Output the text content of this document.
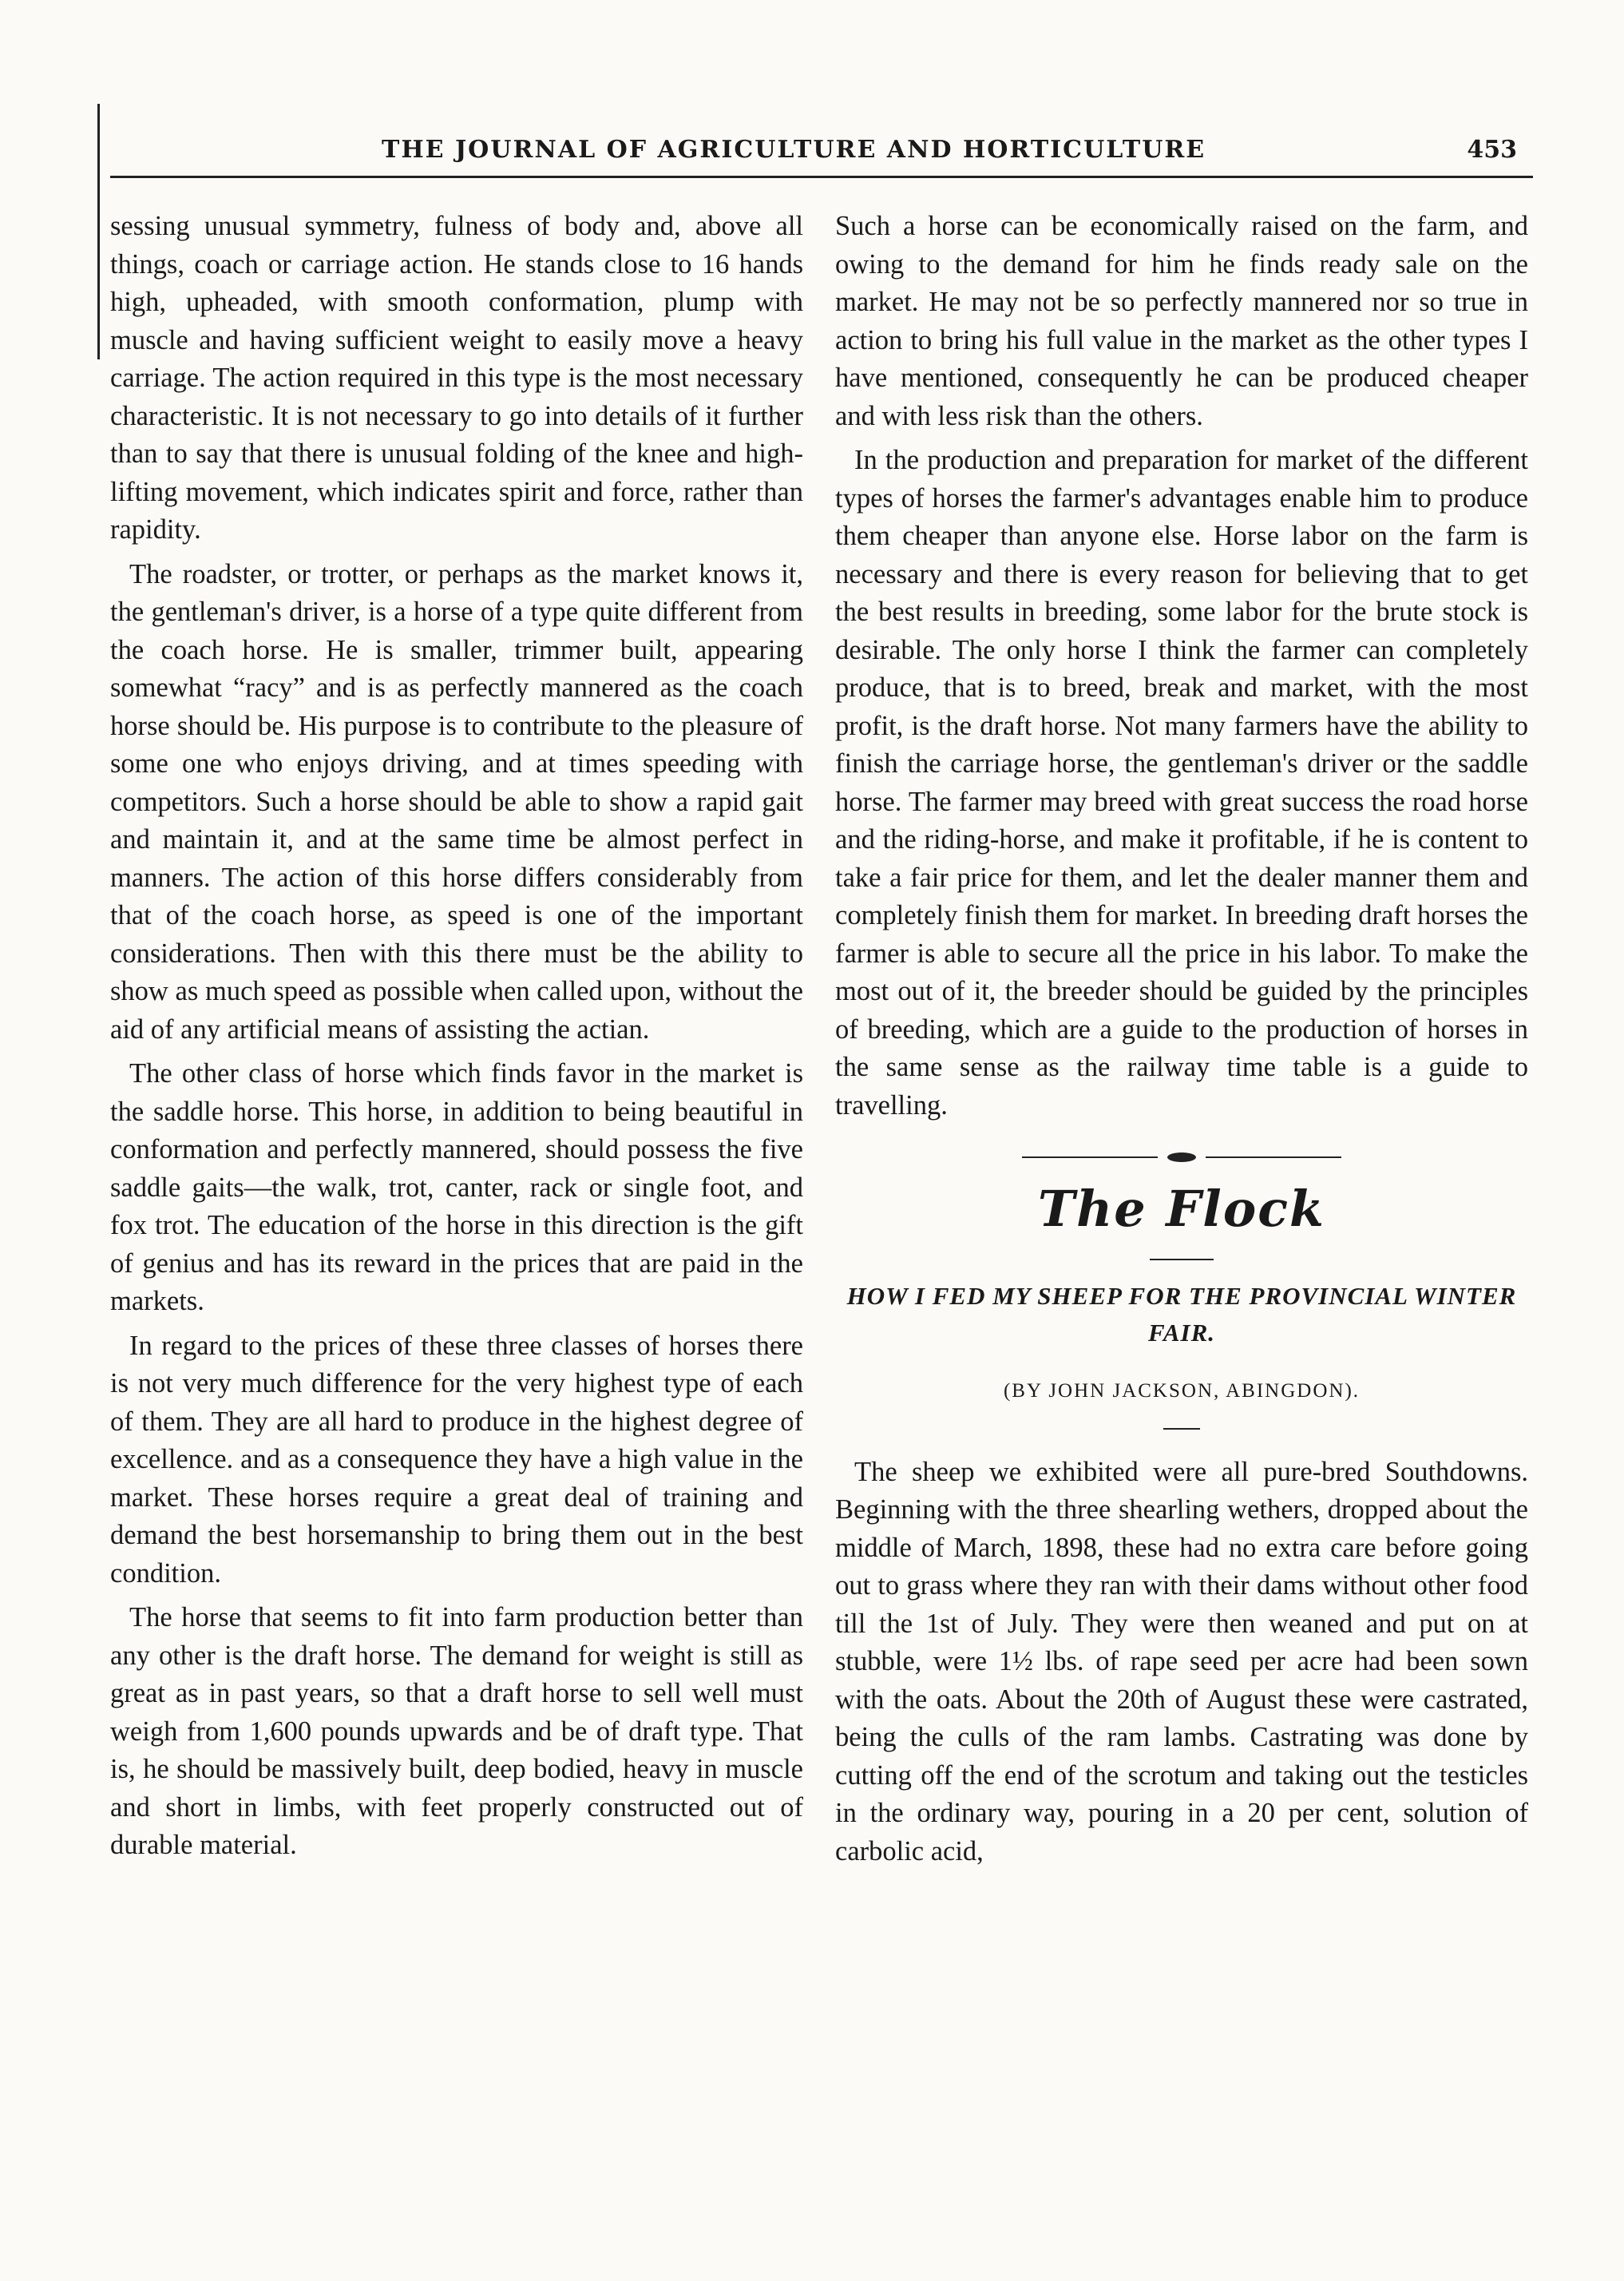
THE JOURNAL OF AGRICULTURE AND HORTICULTURE	453

sessing unusual symmetry, fulness of body and, above all things, coach or carriage action. He stands close to 16 hands high, upheaded, with smooth conformation, plump with muscle and having sufficient weight to easily move a heavy carriage. The action required in this type is the most necessary characteristic. It is not necessary to go into details of it further than to say that there is unusual folding of the knee and high-lifting movement, which indicates spirit and force, rather than rapidity.

The roadster, or trotter, or perhaps as the market knows it, the gentleman's driver, is a horse of a type quite different from the coach horse. He is smaller, trimmer built, appearing somewhat “racy” and is as perfectly mannered as the coach horse should be. His purpose is to contribute to the pleasure of some one who enjoys driving, and at times speeding with competitors. Such a horse should be able to show a rapid gait and maintain it, and at the same time be almost perfect in manners. The action of this horse differs considerably from that of the coach horse, as speed is one of the important considerations. Then with this there must be the ability to show as much speed as possible when called upon, without the aid of any artificial means of assisting the actian.

The other class of horse which finds favor in the market is the saddle horse. This horse, in addition to being beautiful in conformation and perfectly mannered, should possess the five saddle gaits—the walk, trot, canter, rack or single foot, and fox trot. The education of the horse in this direction is the gift of genius and has its reward in the prices that are paid in the markets.

In regard to the prices of these three classes of horses there is not very much difference for the very highest type of each of them. They are all hard to produce in the highest degree of excellence. and as a consequence they have a high value in the market. These horses require a great deal of training and demand the best horsemanship to bring them out in the best condition.

The horse that seems to fit into farm production better than any other is the draft horse. The demand for weight is still as great as in past years, so that a draft horse to sell well must weigh from 1,600 pounds upwards and be of draft type. That is, he should be massively built, deep bodied, heavy in muscle and short in limbs, with feet properly constructed out of durable material.

Such a horse can be economically raised on the farm, and owing to the demand for him he finds ready sale on the market. He may not be so perfectly mannered nor so true in action to bring his full value in the market as the other types I have mentioned, consequently he can be produced cheaper and with less risk than the others.

In the production and preparation for market of the different types of horses the farmer's advantages enable him to produce them cheaper than anyone else. Horse labor on the farm is necessary and there is every reason for believing that to get the best results in breeding, some labor for the brute stock is desirable. The only horse I think the farmer can completely produce, that is to breed, break and market, with the most profit, is the draft horse. Not many farmers have the ability to finish the carriage horse, the gentleman's driver or the saddle horse. The farmer may breed with great success the road horse and the riding-horse, and make it profitable, if he is content to take a fair price for them, and let the dealer manner them and completely finish them for market. In breeding draft horses the farmer is able to secure all the price in his labor. To make the most out of it, the breeder should be guided by the principles of breeding, which are a guide to the production of horses in the same sense as the railway time table is a guide to travelling.

The Flock
HOW I FED MY SHEEP FOR THE PROVINCIAL WINTER FAIR.
(BY JOHN JACKSON, ABINGDON).

The sheep we exhibited were all pure-bred Southdowns. Beginning with the three shearling wethers, dropped about the middle of March, 1898, these had no extra care before going out to grass where they ran with their dams without other food till the 1st of July. They were then weaned and put on at stubble, were 1½ lbs. of rape seed per acre had been sown with the oats. About the 20th of August these were castrated, being the culls of the ram lambs. Castrating was done by cutting off the end of the scrotum and taking out the testicles in the ordinary way, pouring in a 20 per cent, solution of carbolic acid,
